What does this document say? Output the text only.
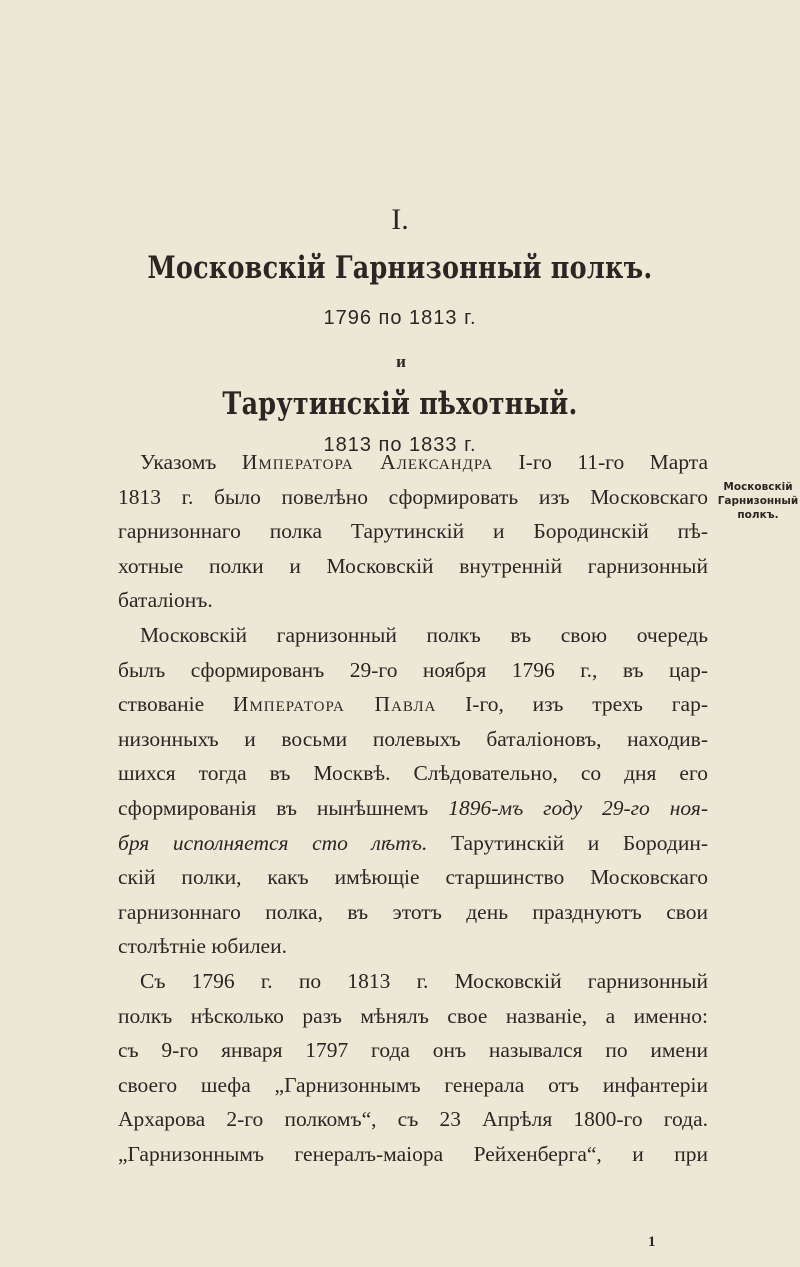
I.
Московскій Гарнизонный полкъ.
1796 по 1813 г.
и
Тарутинскій пѣхотный.
1813 по 1833 г.
Указомъ Императора Александра I-го 11-го Марта
1813 г. было повелѣно сформировать изъ Московскаго
гарнизоннаго полка Тарутинскій и Бородинскій пѣ-
хотные полки и Московскій внутренній гарнизонный
баталіонъ.
Московскій гарнизонный полкъ въ свою очередь
былъ сформированъ 29-го ноября 1796 г., въ цар-
ствованіе Императора Павла I-го, изъ трехъ гар-
низонныхъ и восьми полевыхъ баталіоновъ, находив-
шихся тогда въ Москвѣ. Слѣдовательно, со дня его
сформированія въ нынѣшнемъ 1896-мъ году 29-го ноя-
бря исполняется сто лѣтъ. Тарутинскій и Бородин-
скій полки, какъ имѣющіе старшинство Московскаго
гарнизоннаго полка, въ этотъ день празднуютъ свои
столѣтніе юбилеи.
Съ 1796 г. по 1813 г. Московскій гарнизонный
полкъ нѣсколько разъ мѣнялъ свое названіе, а именно:
съ 9-го января 1797 года онъ назывался по имени
своего шефа „Гарнизоннымъ генерала отъ инфантеріи
Архарова 2-го полкомъ“, съ 23 Апрѣля 1800-го года.
„Гарнизоннымъ генералъ-маіора Рейхенберга“, и при
Московскій
Гарнизонный
полкъ.
1
